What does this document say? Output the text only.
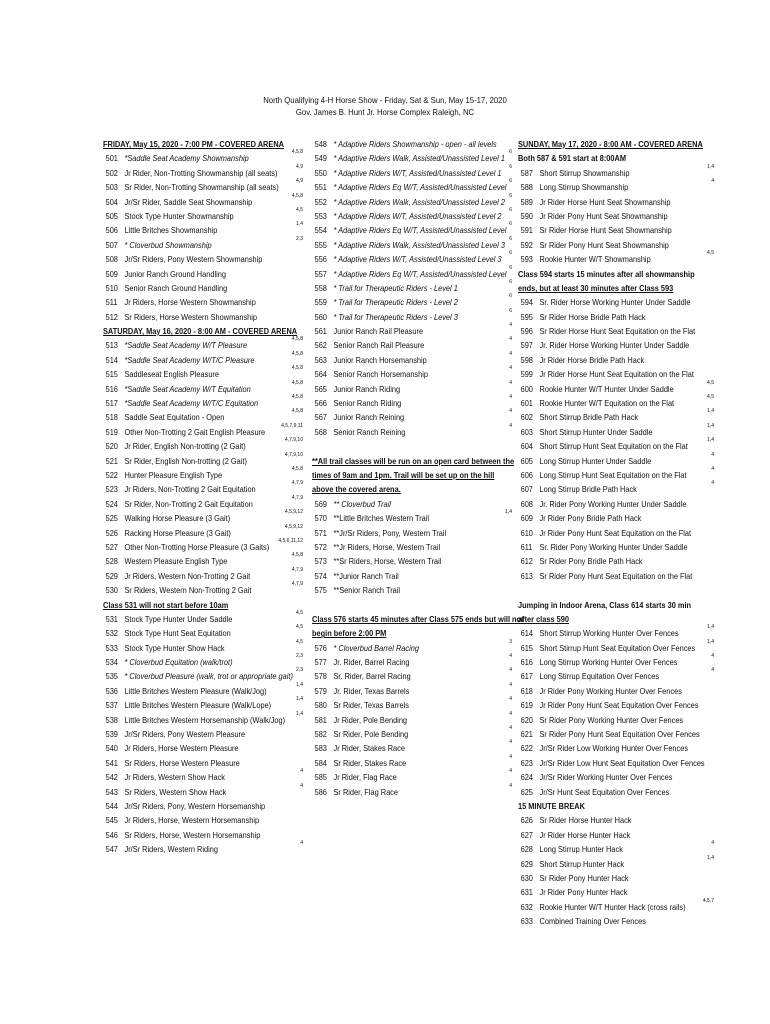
North Qualifying 4-H Horse Show - Friday, Sat & Sun, May 15-17, 2020
Gov. James B. Hunt Jr. Horse Complex Raleigh, NC
FRIDAY, May 15, 2020 - 7:00 PM - COVERED ARENA
501 *Saddle Seat Academy Showmanship
4,5,8
502 Jr Rider, Non-Trotting Showmanship (all seats)
4,9
503 Sr Rider, Non-Trotting Showmanship (all seats)
4,9
504 Jr/Sr Rider, Saddle Seat Showmanship
4,5,8
505 Stock Type Hunter Showmanship
4,5
506 Little Britches Showmanship
1,4
507 * Cloverbud Showmanship
2,3
508 Jr/Sr Riders, Pony Western Showmanship
509 Junior Ranch Ground Handling
510 Senior Ranch Ground Handling
511 Jr Riders, Horse Western Showmanship
512 Sr Riders, Horse Western Showmanship
SATURDAY, May 16, 2020 - 8:00 AM - COVERED ARENA
513 *Saddle Seat Academy W/T Pleasure
4,5,8
514 *Saddle Seat Academy W/T/C Pleasure
4,5,8
515 Saddleseat English Pleasure
4,5,8
516 *Saddle Seat Academy W/T Equitation
4,5,8
517 *Saddle Seat Academy W/T/C Equitation
4,5,8
518 Saddle Seat Equitation - Open
4,5,8
519 Other Non-Trotting 2 Gait English Pleasure
4,5,7,9,11
520 Jr Rider, English Non-trotting (2 Gait)
4,7,9,10
521 Sr Rider, English Non-trotting (2 Gait)
4,7,9,10
522 Hunter Pleasure English Type
4,5,8
523 Jr Riders, Non-Trotting 2 Gait Equitation
4,7,9
524 Sr Rider, Non-Trotting 2 Gait Equitation
4,7,9
525 Walking Horse Pleasure (3 Gait)
4,5,9,12
526 Racking Horse Pleasure (3 Gait)
4,5,9,12
527 Other Non-Trotting Horse Pleasure (3 Gaits)
4,5,6,11,12
528 Western Pleasure English Type
4,5,8
529 Jr Riders, Western Non-Trotting 2 Gait
4,7,9
530 Sr Riders, Western Non-Trotting 2 Gait
4,7,9
Class 531 will not start before 10am
531 Stock Type Hunter Under Saddle
4,5
532 Stock Type Hunt Seat Equitation
4,5
533 Stock Type Hunter Show Hack
4,5
534 * Cloverbud Equitation (walk/trot)
2,3
535 * Cloverbud Pleasure (walk, trot or appropriate gait)
2,3
536 Little Britches Western Pleasure (Walk/Jog)
1,4
537 Little Britches Western Pleasure (Walk/Lope)
1,4
538 Little Britches Western Horsemanship (Walk/Jog)
1,4
539 Jr/Sr Riders, Pony Western Pleasure
540 Jr Riders, Horse Western Pleasure
541 Sr Riders, Horse Western Pleasure
542 Jr Riders, Western Show Hack
4
543 Sr Riders, Western Show Hack
4
544 Jr/Sr Riders, Pony, Western Horsemanship
545 Jr Riders, Horse, Western Horsemanship
546 Sr Riders, Horse, Western Horsemanship
547 Jr/Sr Riders, Western Riding
4
548 * Adaptive Riders Showmanship - open - all levels
549 * Adaptive Riders Walk, Assisted/Unassisted Level 1
6
550 * Adaptive Riders W/T, Assisted/Unassisted Level 1
6
551 * Adaptive Riders Eq W/T, Assisted/Unassisted Level
6
552 * Adaptive Riders Walk, Assisted/Unassisted Level 2
6
553 * Adaptive Riders W/T, Assisted/Unassisted Level 2
6
554 * Adaptive Riders Eq W/T, Assisted/Unassisted Level
6
555 * Adaptive Riders Walk, Assisted/Unassisted Level 3
6
556 * Adaptive Riders W/T, Assisted/Unassisted Level 3
6
557 * Adaptive Riders Eq W/T, Assisted/Unassisted Level
6
558 * Trail for Therapeutic Riders - Level 1
6
559 * Trail for Therapeutic Riders - Level 2
6
560 * Trail for Therapeutic Riders - Level 3
6
561 Junior Ranch Rail Pleasure
4
562 Senior Ranch Rail Pleasure
4
563 Junior Ranch Horsemanship
4
564 Senior Ranch Horsemanship
4
565 Junior Ranch Riding
4
566 Senior Ranch Riding
4
567 Junior Ranch Reining
4
568 Senior Ranch Reining
4
**All trail classes will be run on an open card between the
times of 9am and 1pm. Trail will be set up on the hill
above the covered arena.
569 ** Cloverbud Trail
570 **Little Britches Western Trail
1,4
571 **Jr/Sr Riders, Pony, Western Trail
572 **Jr Riders, Horse, Western Trail
573 **Sr Riders, Horse, Western Trail
574 **Junior Ranch Trail
575 **Senior Ranch Trail
Class 576 starts 45 minutes after Class 575 ends but will not
begin before 2:00 PM
576 * Cloverbud Barrel Racing
3
577 Jr. Rider, Barrel Racing
4
578 Sr. Rider, Barrel Racing
4
579 Jr. Rider, Texas Barrels
4
580 Sr Rider, Texas Barrels
4
581 Jr Rider, Pole Bending
4
582 Sr Rider, Pole Bending
4
583 Jr Rider, Stakes Race
4
584 Sr Rider, Stakes Race
4
585 Jr Rider, Flag Race
4
586 Sr Rider, Flag Race
4
SUNDAY, May 17, 2020 - 8:00 AM - COVERED ARENA
Both 587 & 591 start at 8:00AM
587 Short Stirrup Showmanship
1,4
588 Long Stirrup Showmanship
4
589 Jr Rider Horse Hunt Seat Showmanship
590 Jr Rider Pony Hunt Seat Showmanship
591 Sr Rider Horse Hunt Seat Showmanship
592 Sr Rider Pony Hunt Seat Showmanship
593 Rookie Hunter W/T Showmanship
4,5
Class 594 starts 15 minutes after all showmanship
ends, but at least 30 minutes after Class 593
594 Sr. Rider Horse Working Hunter Under Saddle
595 Sr Rider Horse Bridle Path Hack
596 Sr Rider Horse Hunt Seat Equitation on the Flat
597 Jr. Rider Horse Working Hunter Under Saddle
598 Jr Rider Horse Bridle Path Hack
599 Jr Rider Horse Hunt Seat Equitation on the Flat
600 Rookie Hunter W/T Hunter Under Saddle
4,5
601 Rookie Hunter W/T Equitation on the Flat
4,5
602 Short Stirrup Bridle Path Hack
1,4
603 Short Stirrup Hunter Under Saddle
1,4
604 Short Stirrup Hunt Seat Equitation on the Flat
1,4
605 Long Stirrup Hunter Under Saddle
4
606 Long Stirrup Hunt Seat Equitation on the Flat
4
607 Long Stirrup Bridle Path Hack
4
608 Jr. Rider Pony Working Hunter Under Saddle
609 Jr Rider Pony Bridle Path Hack
610 Jr Rider Pony Hunt Seat Equitation on the Flat
611 Sr. Rider Pony Working Hunter Under Saddle
612 Sr Rider Pony Bridle Path Hack
613 Sr Rider Pony Hunt Seat Equitation on the Flat
Jumping in Indoor Arena, Class 614 starts 30 min
after class 590
614 Short Stirrup Working Hunter Over Fences
1,4
615 Short Stirrup Hunt Seat Equitation Over Fences
1,4
616 Long Stirrup Working Hunter Over Fences
4
617 Long Stirrup Equitation Over Fences
4
618 Jr Rider Pony Working Hunter Over Fences
619 Jr Rider Pony Hunt Seat Equitation Over Fences
620 Sr Rider Pony Working Hunter Over Fences
621 Sr Rider Pony Hunt Seat Equitation Over Fences
622 Jr/Sr Rider Low Working Hunter Over Fences
623 Jr/Sr Rider Low Hunt Seat Equitation Over Fences
624 Jr/Sr Rider Working Hunter Over Fences
625 Jr/Sr Hunt Seat Equitation Over Fences
15 MINUTE BREAK
626 Sr Rider Horse Hunter Hack
627 Jr Rider Horse Hunter Hack
628 Long Stirrup Hunter Hack
4
629 Short Stirrup Hunter Hack
1,4
630 Sr Rider Pony Hunter Hack
631 Jr Rider Pony Hunter Hack
632 Rookie Hunter W/T Hunter Hack (cross rails)
4,5,7
633 Combined Training Over Fences
